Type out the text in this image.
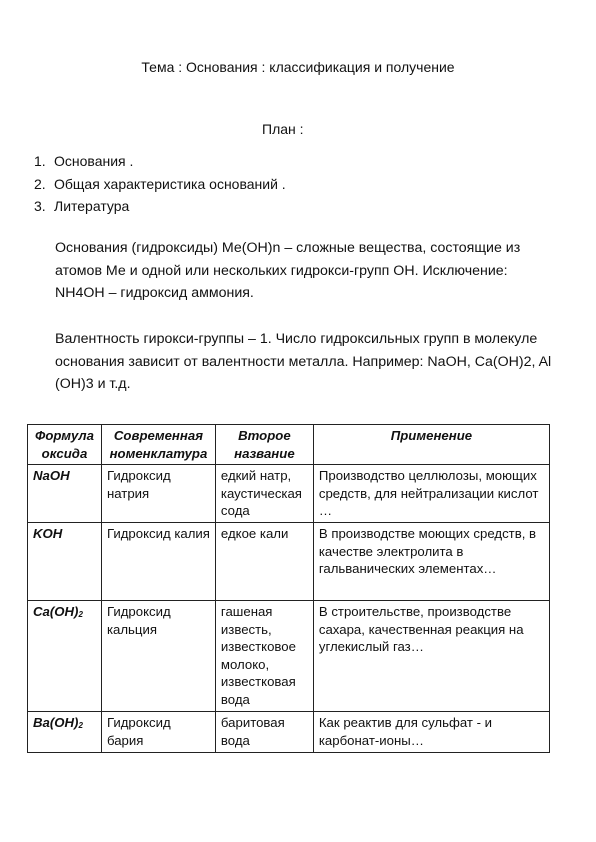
Тема : Основания : классификация и получение
План :
1. Основания .
2. Общая характеристика оснований .
3. Литература
Основания (гидроксиды) Ме(ОН)n – сложные вещества, состоящие из атомов Ме и одной или нескольких гидрокси-групп ОН. Исключение: NH4OH – гидроксид аммония.
Валентность гирокси-группы – 1. Число гидроксильных групп в молекуле основания зависит от валентности металла. Например: NaOH, Ca(OH)2, Al (OH)3 и т.д.
Формула оксида	Современная номенклатура	Второе название	Применение
NaOH	Гидроксид натрия	едкий натр, каустическая сода	Производство целлюлозы, моющих средств, для нейтрализации кислот …
KOH	Гидроксид калия	едкое кали	В производстве моющих средств, в качестве электролита в гальванических элементах…
$Ca(OH)_2$	Гидроксид кальция	гашеная известь, известковое молоко, известковая вода	В строительстве, производстве сахара, качественная реакция на углекислый газ…
$Ba(OH)_2$	Гидроксид бария	баритовая вода	Как реактив для сульфат - и карбонат-ионы…
